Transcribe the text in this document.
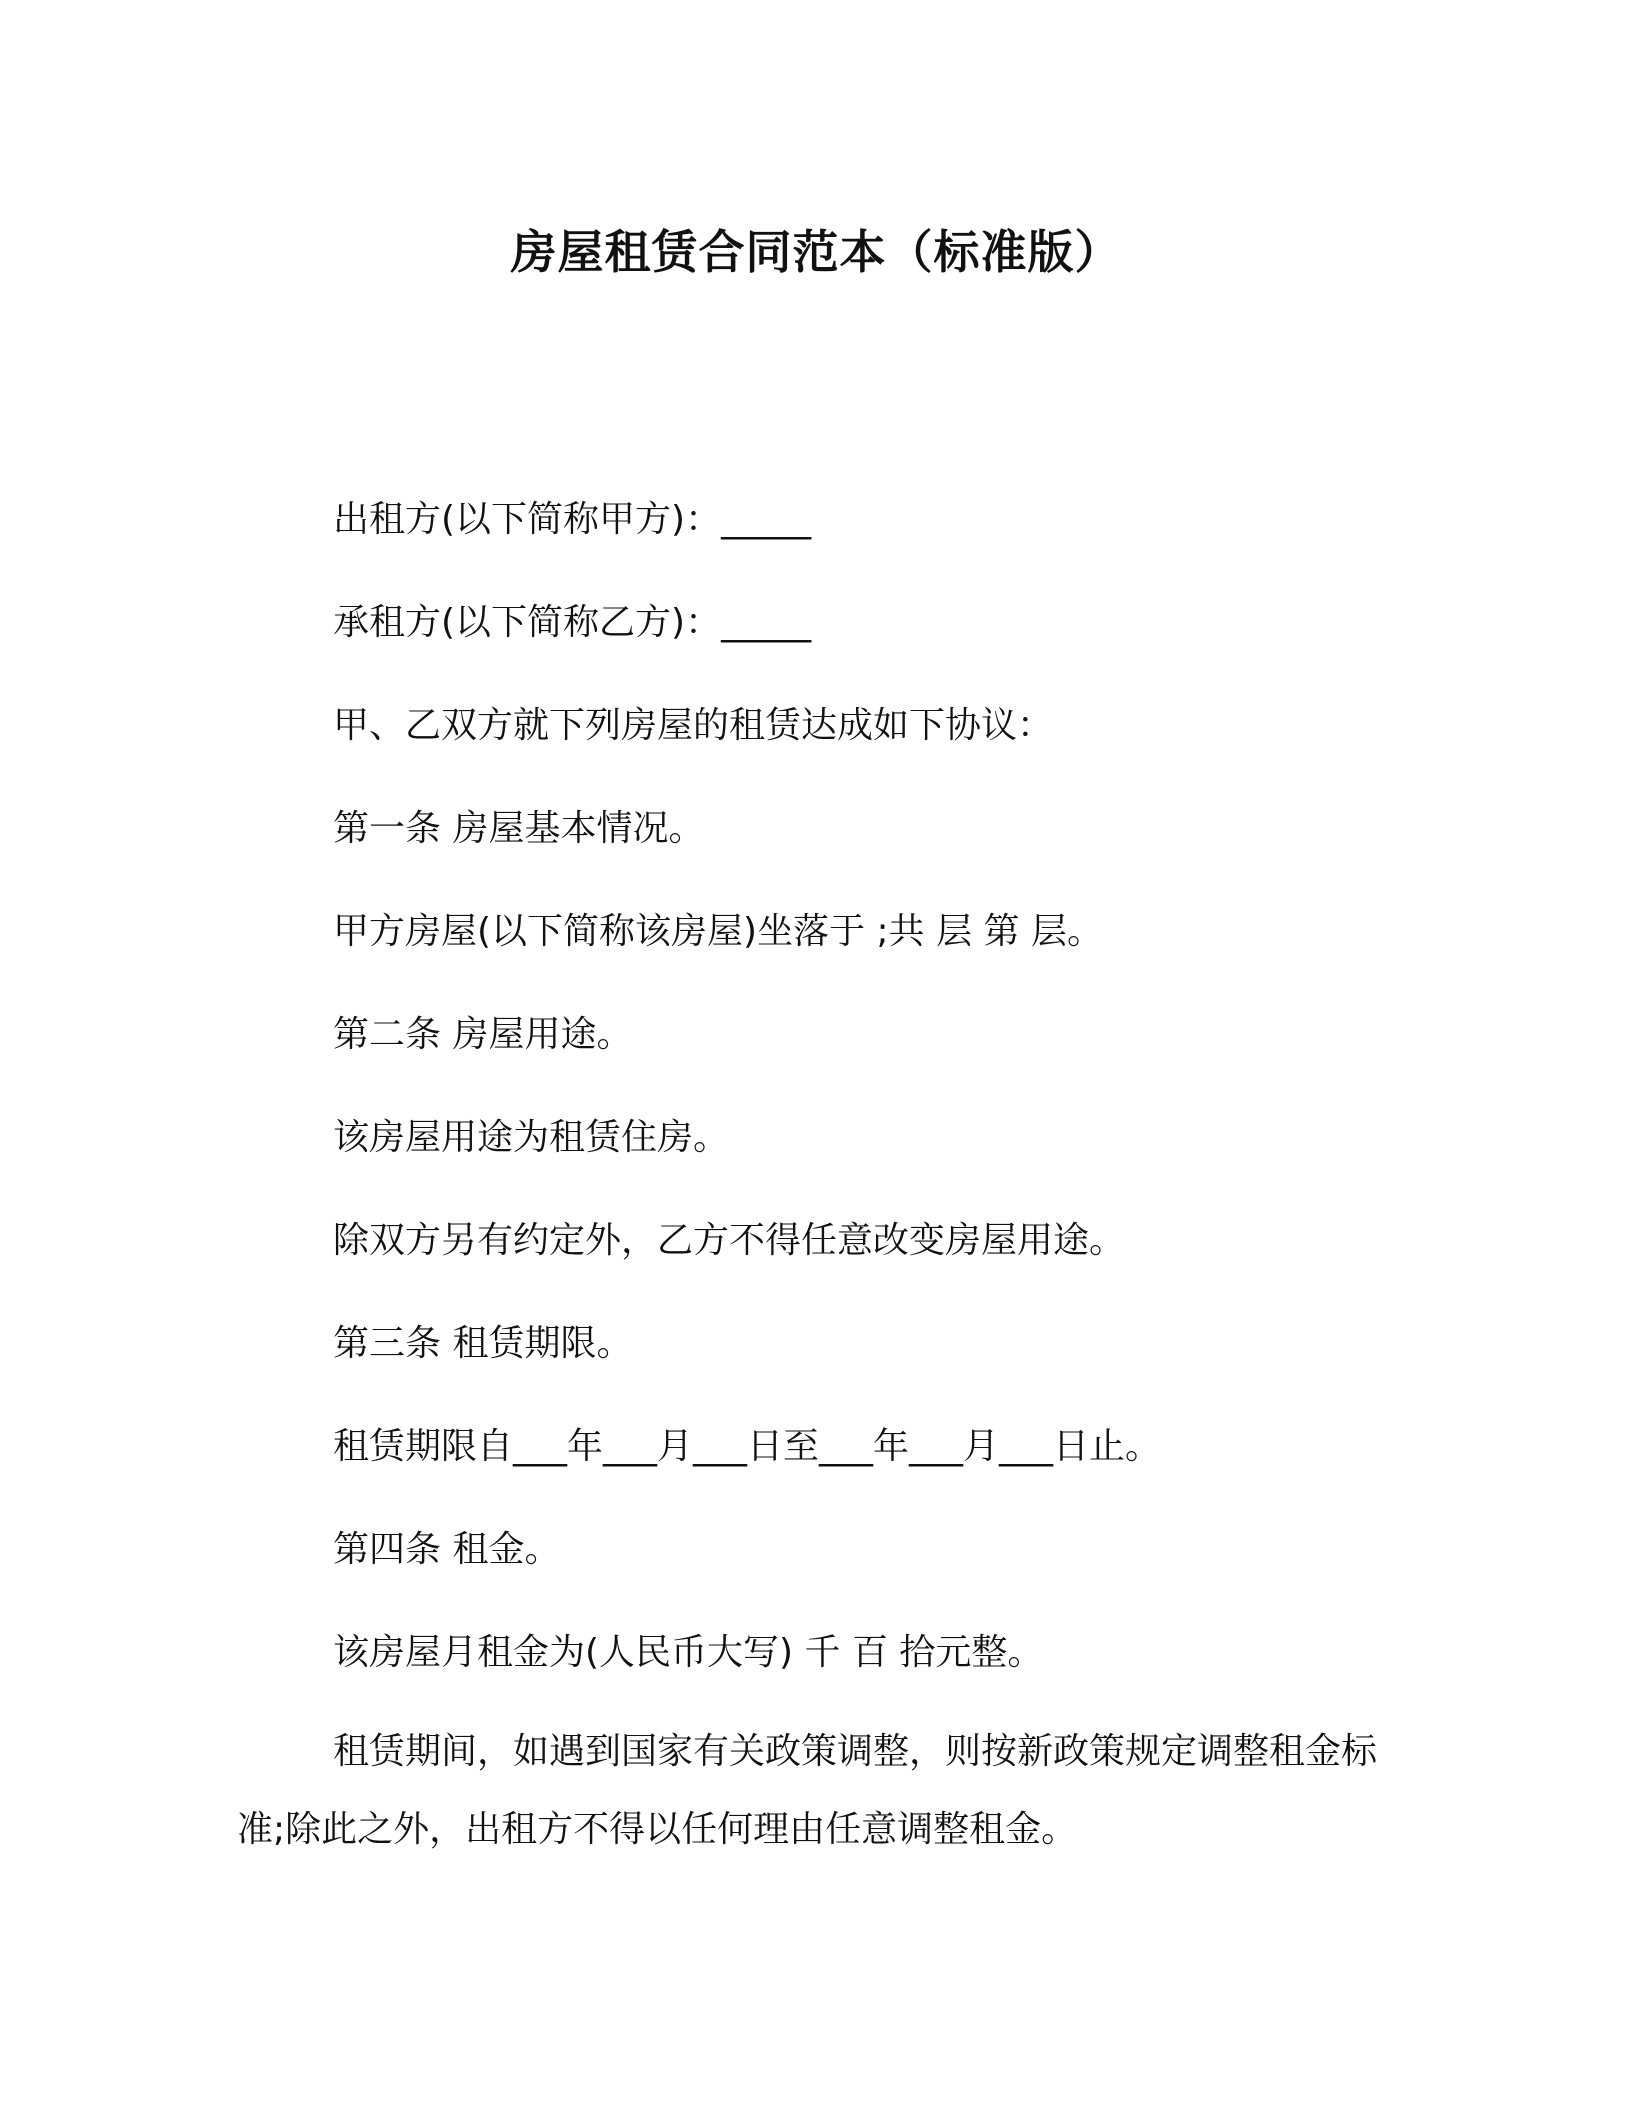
房屋租赁合同范本（标准版）
出租方(以下简称甲方)：_____
承租方(以下简称乙方)：_____
甲、乙双方就下列房屋的租赁达成如下协议：
第一条 房屋基本情况。
甲方房屋(以下简称该房屋)坐落于 ;共 层 第 层。
第二条 房屋用途。
该房屋用途为租赁住房。
除双方另有约定外，乙方不得任意改变房屋用途。
第三条 租赁期限。
租赁期限自___年___月___日至___年___月___日止。
第四条 租金。
该房屋月租金为(人民币大写) 千 百 拾元整。
租赁期间，如遇到国家有关政策调整，则按新政策规定调整租金标准;除此之外，出租方不得以任何理由任意调整租金。
